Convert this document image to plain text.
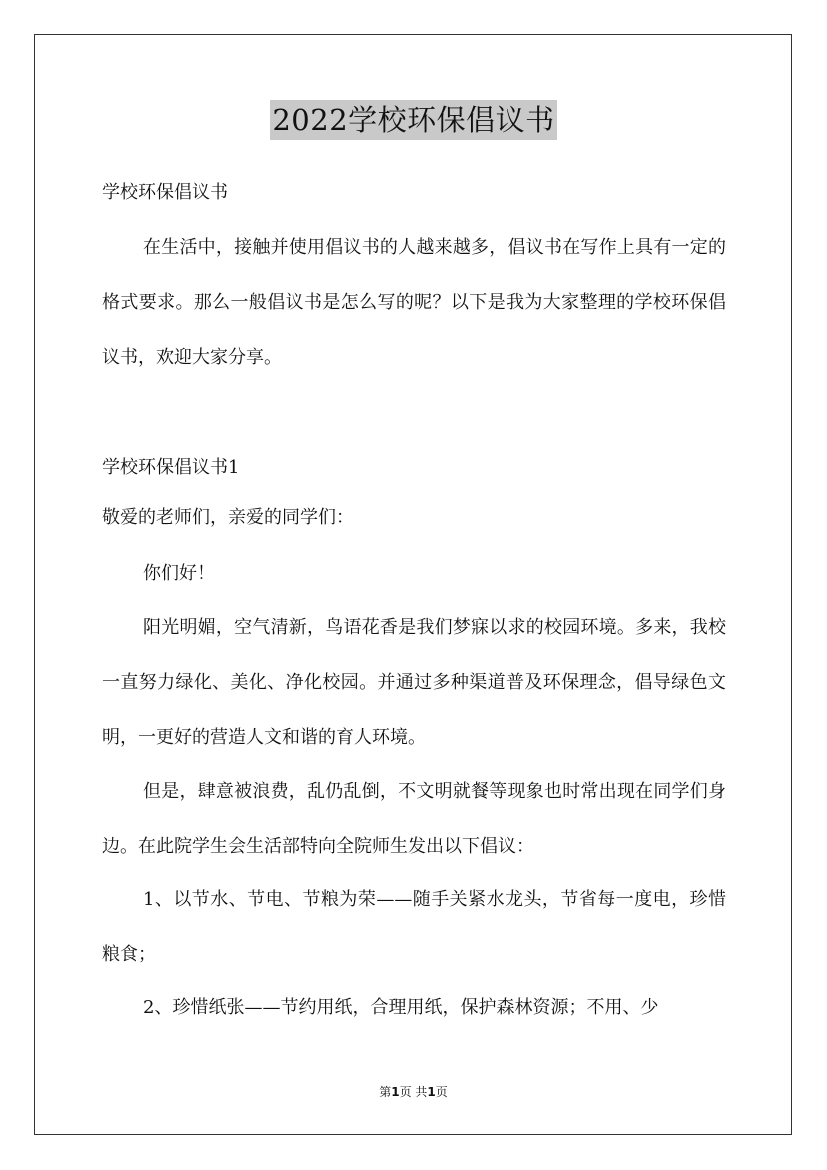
2022学校环保倡议书

学校环保倡议书

在生活中，接触并使用倡议书的人越来越多，倡议书在写作上具有一定的格式要求。那么一般倡议书是怎么写的呢？以下是我为大家整理的学校环保倡议书，欢迎大家分享。

学校环保倡议书1

敬爱的老师们，亲爱的同学们：

你们好！

阳光明媚，空气清新，鸟语花香是我们梦寐以求的校园环境。多来，我校一直努力绿化、美化、净化校园。并通过多种渠道普及环保理念，倡导绿色文明，一更好的营造人文和谐的育人环境。

但是，肆意被浪费，乱仍乱倒，不文明就餐等现象也时常出现在同学们身边。在此院学生会生活部特向全院师生发出以下倡议：

1、以节水、节电、节粮为荣——随手关紧水龙头，节省每一度电，珍惜粮食；

2、珍惜纸张——节约用纸，合理用纸，保护森林资源；不用、少

第1页 共1页
